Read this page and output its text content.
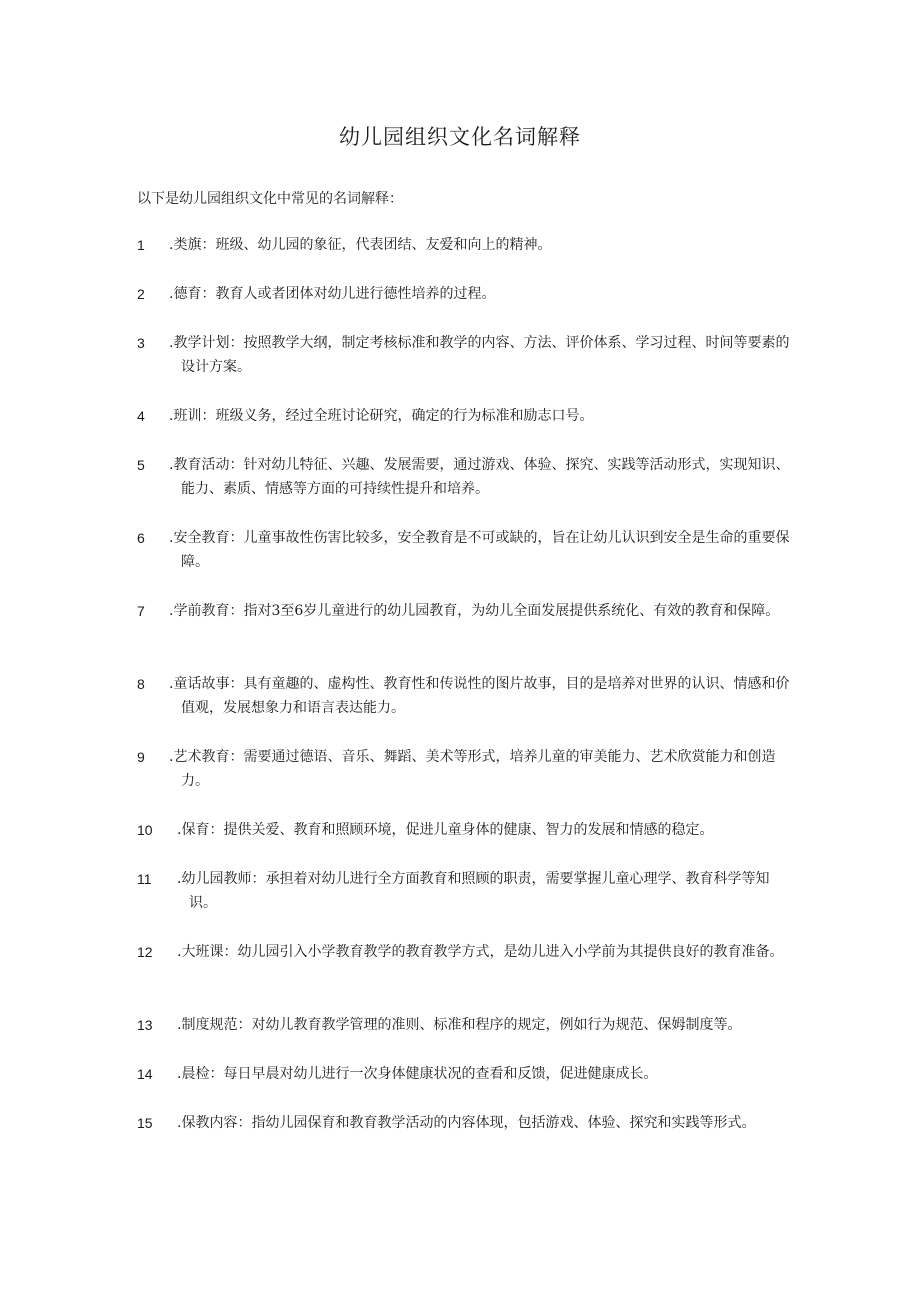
幼儿园组织文化名词解释
以下是幼儿园组织文化中常见的名词解释：
1	.类旗：班级、幼儿园的象征，代表团结、友爱和向上的精神。
2	.德育：教育人或者团体对幼儿进行德性培养的过程。
3	.教学计划：按照教学大纲，制定考核标准和教学的内容、方法、评价体系、学习过程、时间等要素的设计方案。
4	.班训：班级义务，经过全班讨论研究，确定的行为标准和励志口号。
5	.教育活动：针对幼儿特征、兴趣、发展需要，通过游戏、体验、探究、实践等活动形式，实现知识、能力、素质、情感等方面的可持续性提升和培养。
6	.安全教育：儿童事故性伤害比较多，安全教育是不可或缺的，旨在让幼儿认识到安全是生命的重要保障。
7	.学前教育：指对3至6岁儿童进行的幼儿园教育，为幼儿全面发展提供系统化、有效的教育和保障。
8	.童话故事：具有童趣的、虚构性、教育性和传说性的图片故事，目的是培养对世界的认识、情感和价值观，发展想象力和语言表达能力。
9	.艺术教育：需要通过德语、音乐、舞蹈、美术等形式，培养儿童的审美能力、艺术欣赏能力和创造力。
10	.保育：提供关爱、教育和照顾环境，促进儿童身体的健康、智力的发展和情感的稳定。
11	.幼儿园教师：承担着对幼儿进行全方面教育和照顾的职责，需要掌握儿童心理学、教育科学等知识。
12	.大班课：幼儿园引入小学教育教学的教育教学方式，是幼儿进入小学前为其提供良好的教育准备。
13	.制度规范：对幼儿教育教学管理的准则、标准和程序的规定，例如行为规范、保姆制度等。
14	.晨检：每日早晨对幼儿进行一次身体健康状况的查看和反馈，促进健康成长。
15	.保教内容：指幼儿园保育和教育教学活动的内容体现，包括游戏、体验、探究和实践等形式。
